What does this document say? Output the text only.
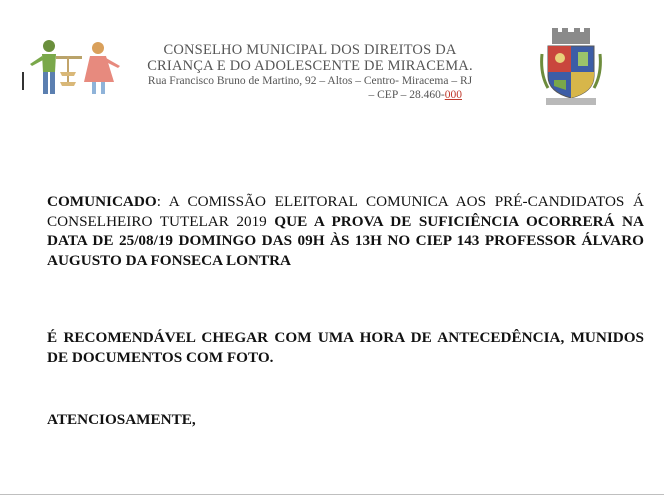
CONSELHO MUNICIPAL DOS DIREITOS DA
CRIANÇA E DO ADOLESCENTE DE MIRACEMA.
Rua Francisco Bruno de Martino, 92 – Altos – Centro- Miracema – RJ
– CEP – 28.460-000
COMUNICADO: A COMISSÃO ELEITORAL COMUNICA AOS PRÉ-CANDIDATOS Á CONSELHEIRO TUTELAR 2019 QUE A PROVA DE SUFICIÊNCIA OCORRERÁ NA DATA DE 25/08/19 DOMINGO DAS 09H ÀS 13H NO CIEP 143 PROFESSOR ÁLVARO AUGUSTO DA FONSECA LONTRA
É RECOMENDÁVEL CHEGAR COM UMA HORA DE ANTECEDÊNCIA, MUNIDOS DE DOCUMENTOS COM FOTO.
ATENCIOSAMENTE,
